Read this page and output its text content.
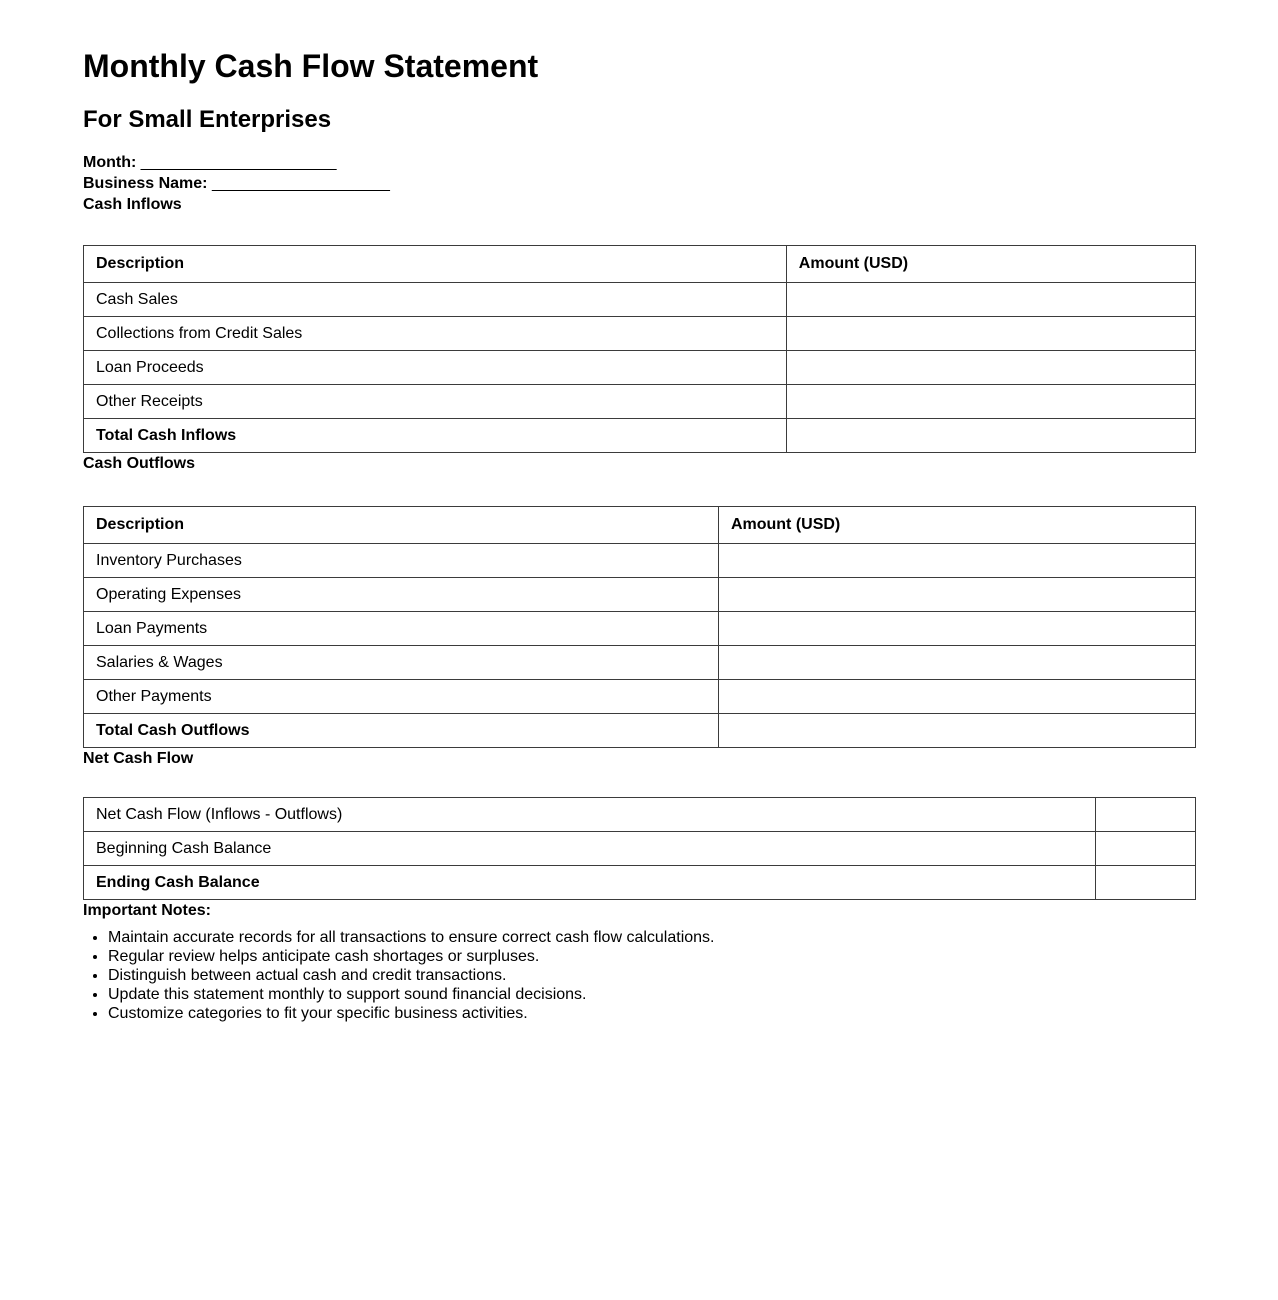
Monthly Cash Flow Statement
For Small Enterprises

Month: ______________________
Business Name: ____________________

Cash Inflows

Description	Amount (USD)
Cash Sales	
Collections from Credit Sales	
Loan Proceeds	
Other Receipts	
Total Cash Inflows	

Cash Outflows

Description	Amount (USD)
Inventory Purchases	
Operating Expenses	
Loan Payments	
Salaries & Wages	
Other Payments	
Total Cash Outflows	

Net Cash Flow

Net Cash Flow (Inflows - Outflows)	
Beginning Cash Balance	
Ending Cash Balance	

Important Notes:

• Maintain accurate records for all transactions to ensure correct cash flow calculations.
• Regular review helps anticipate cash shortages or surpluses.
• Distinguish between actual cash and credit transactions.
• Update this statement monthly to support sound financial decisions.
• Customize categories to fit your specific business activities.
